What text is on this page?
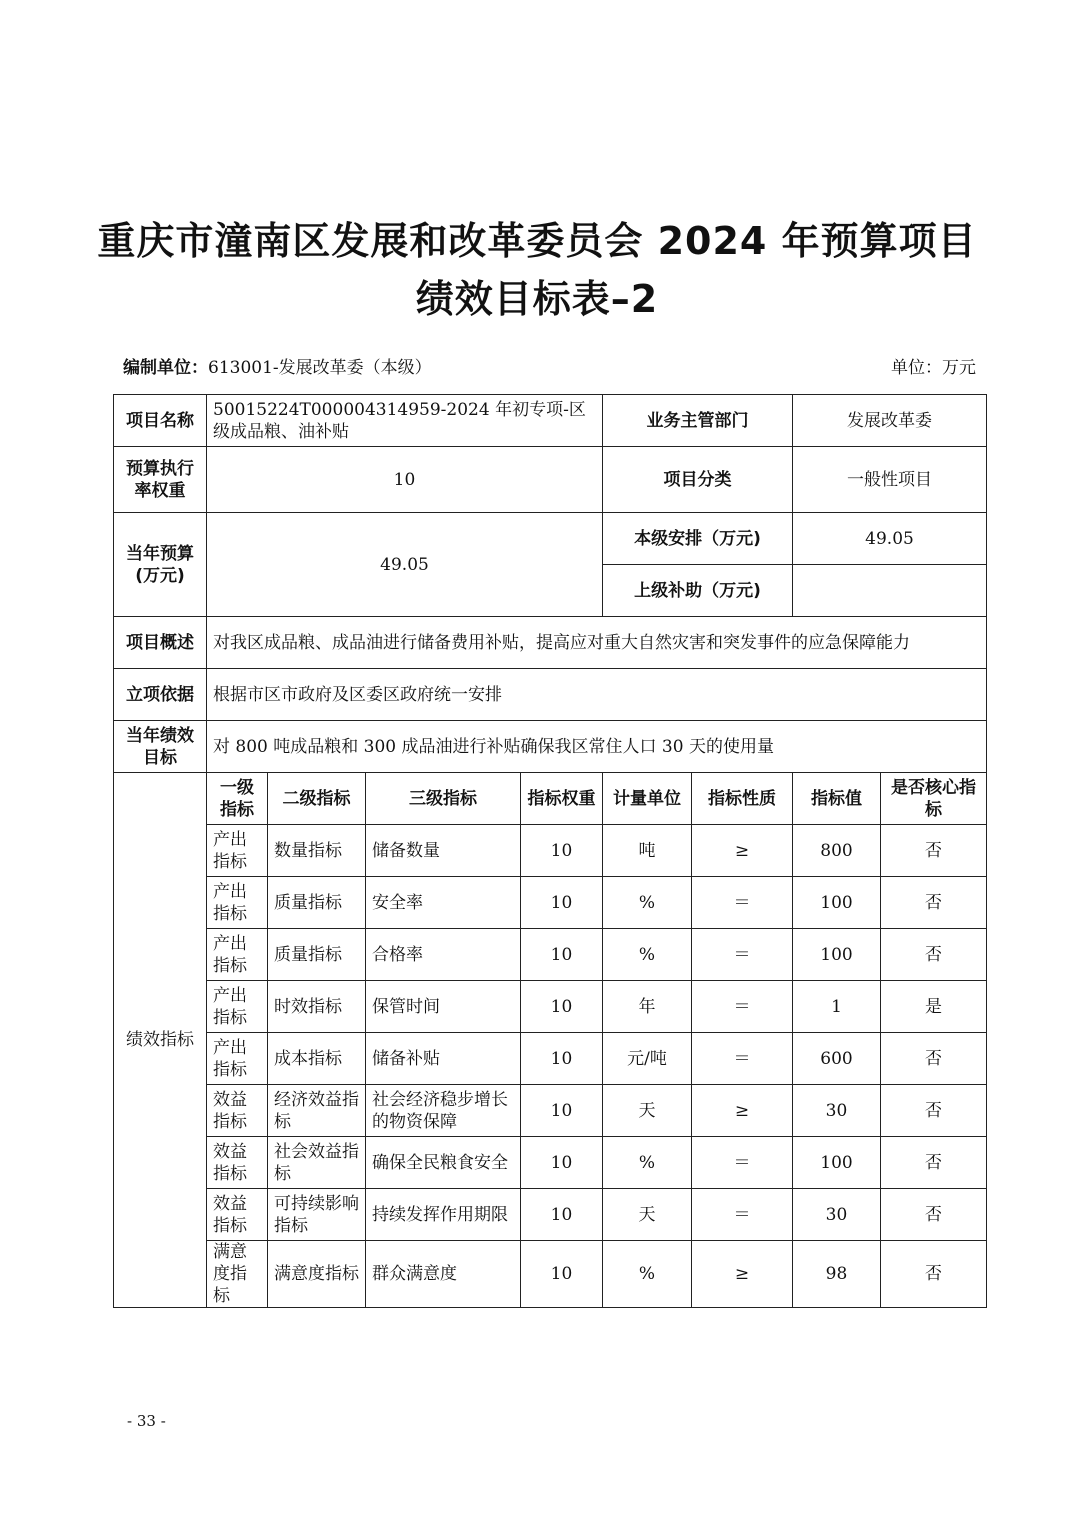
重庆市潼南区发展和改革委员会 2024 年预算项目
绩效目标表–2
编制单位：613001-发展改革委（本级）	单位：万元
项目名称	50015224T000004314959-2024 年初专项-区级成品粮、油补贴				业务主管部门		发展改革委	
预算执行率权重	10				项目分类		一般性项目	
当年预算(万元)	49.05				本级安排（万元)		49.05	
					上级补助（万元)			
项目概述	对我区成品粮、成品油进行储备费用补贴，提高应对重大自然灾害和突发事件的应急保障能力							
立项依据	根据市区市政府及区委区政府统一安排							
当年绩效目标	对 800 吨成品粮和 300 成品油进行补贴确保我区常住人口 30 天的使用量							
绩效指标	一级指标	二级指标	三级指标	指标权重	计量单位	指标性质	指标值	是否核心指标
	产出指标	数量指标	储备数量	10	吨	≥	800	否
	产出指标	质量指标	安全率	10	%	＝	100	否
	产出指标	质量指标	合格率	10	%	＝	100	否
	产出指标	时效指标	保管时间	10	年	＝	1	是
	产出指标	成本指标	储备补贴	10	元/吨	＝	600	否
	效益指标	经济效益指标	社会经济稳步增长的物资保障	10	天	≥	30	否
	效益指标	社会效益指标	确保全民粮食安全	10	%	＝	100	否
	效益指标	可持续影响指标	持续发挥作用期限	10	天	＝	30	否
	满意度指标	满意度指标	群众满意度	10	%	≥	98	否
- 33 -
